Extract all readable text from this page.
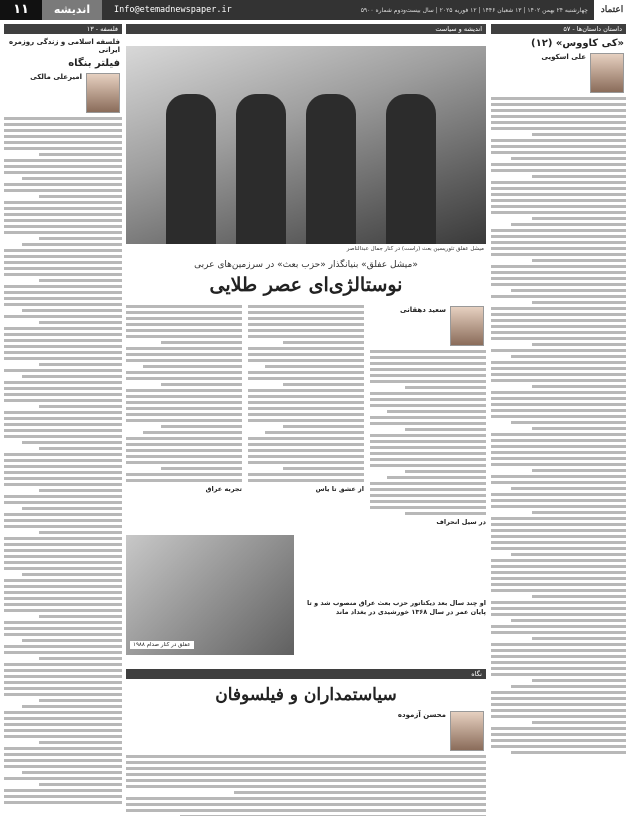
۱۱	اندیشه	Info@etemadnewspaper.ir	چهارشنبه ۲۴ بهمن ۱۴۰۲ | ۱۳ شعبان ۱۴۴۶ | ۱۲ فوریه ۲۰۲۵ | سال بیست‌ودوم شماره ۵۹۰۰	اعتماد
داستان داستان‌ها - ۵۷
«کی کاووس» (۱۲)
علی اسکویی
اندیشه و سیاست
میشل عفلق تئوریسین بعث (راست) در کنار جمال عبدالناصر
«میشل عفلق» بنیانگذار «حزب بعث» در سرزمین‌های عربی
نوستالژی‌ای عصر طلایی
سعید دهقانی
در سیل انحراف
از عشق تا یاس
تجربه عراق
او چند سال بعد دیکتاتور حزب بعث عراق منصوب شد و تا پایان عمر در سال ۱۳۶۸ خورشیدی در بغداد ماند
عفلق در کنار صدام ۱۹۸۸
نگاه
سیاستمداران و فیلسوفان
محسن آزموده
فلسفه - ۱۳
فلسفه اسلامی و زندگی روزمره ایرانی
فیلتر بنگاه
امیرعلی مالکی
